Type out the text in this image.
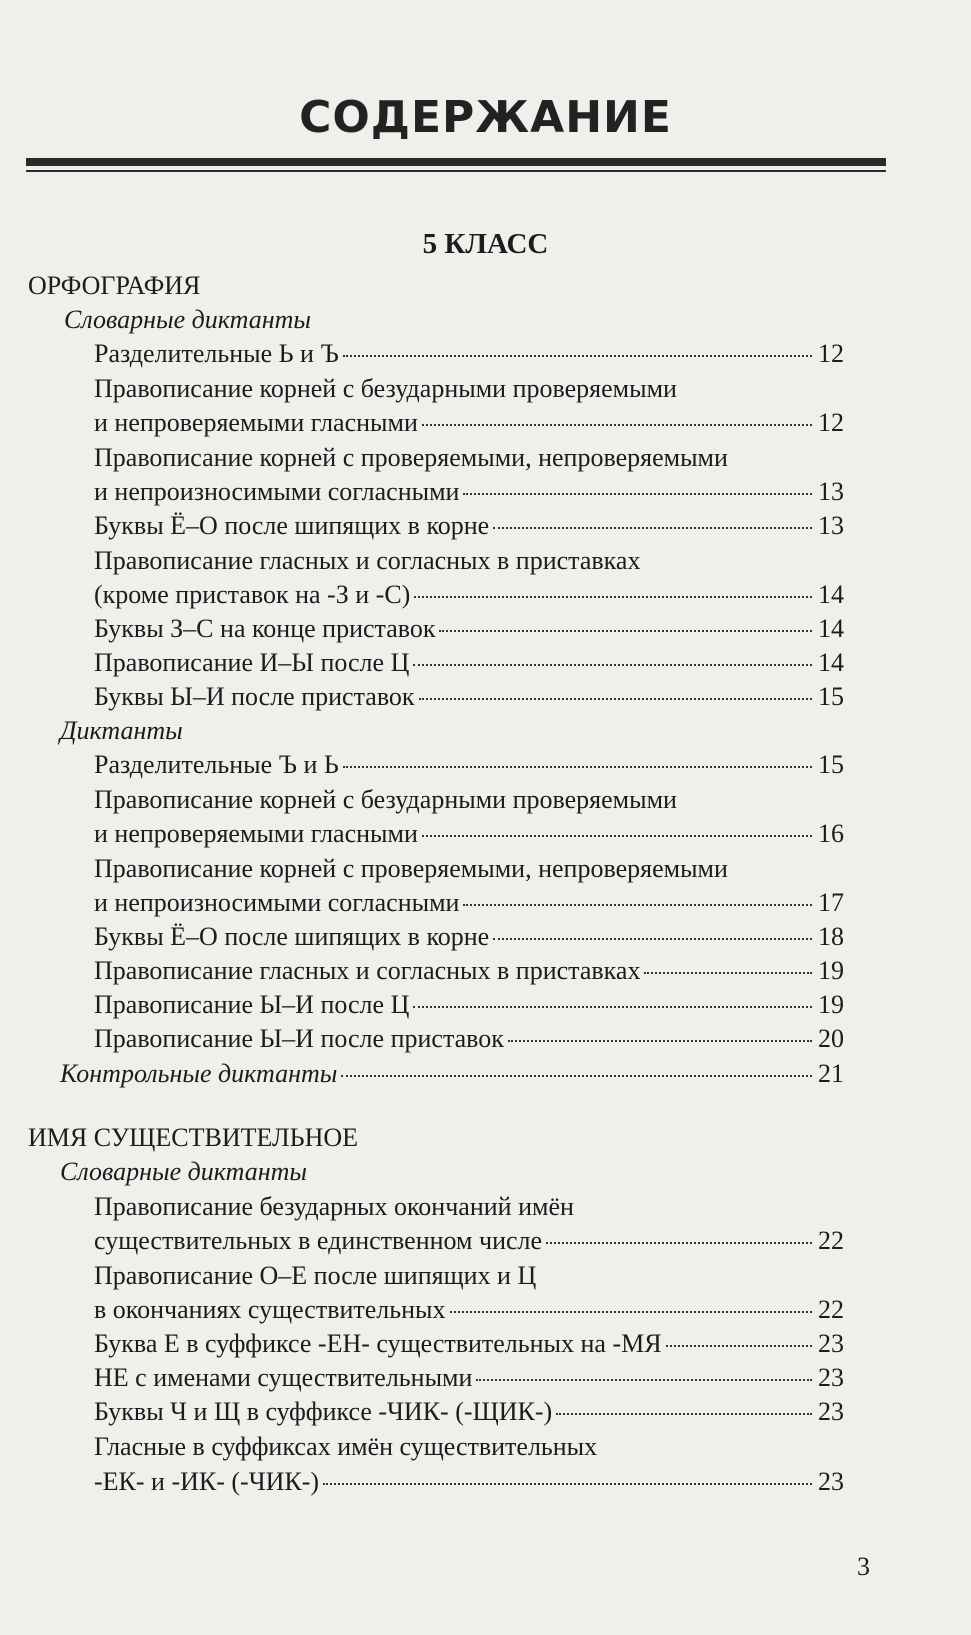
СОДЕРЖАНИЕ
5 КЛАСС
ОРФОГРАФИЯ
Словарные диктанты
Разделительные Ь и Ъ	12
Правописание корней с безударными проверяемыми
и непроверяемыми гласными	12
Правописание корней с проверяемыми, непроверяемыми
и непроизносимыми согласными	13
Буквы Ё–О после шипящих в корне	13
Правописание гласных и согласных в приставках
(кроме приставок на -З и -С)	14
Буквы З–С на конце приставок	14
Правописание И–Ы после Ц	14
Буквы Ы–И после приставок	15
Диктанты
Разделительные Ъ и Ь	15
Правописание корней с безударными проверяемыми
и непроверяемыми гласными	16
Правописание корней с проверяемыми, непроверяемыми
и непроизносимыми согласными	17
Буквы Ё–О после шипящих в корне	18
Правописание гласных и согласных в приставках	19
Правописание Ы–И после Ц	19
Правописание Ы–И после приставок	20
Контрольные диктанты	21
ИМЯ СУЩЕСТВИТЕЛЬНОЕ
Словарные диктанты
Правописание безударных окончаний имён
существительных в единственном числе	22
Правописание О–Е после шипящих и Ц
в окончаниях существительных	22
Буква Е в суффиксе -ЕН- существительных на -МЯ	23
НЕ с именами существительными	23
Буквы Ч и Щ в суффиксе -ЧИК- (-ЩИК-)	23
Гласные в суффиксах имён существительных
-ЕК- и -ИК- (-ЧИК-)	23
3
